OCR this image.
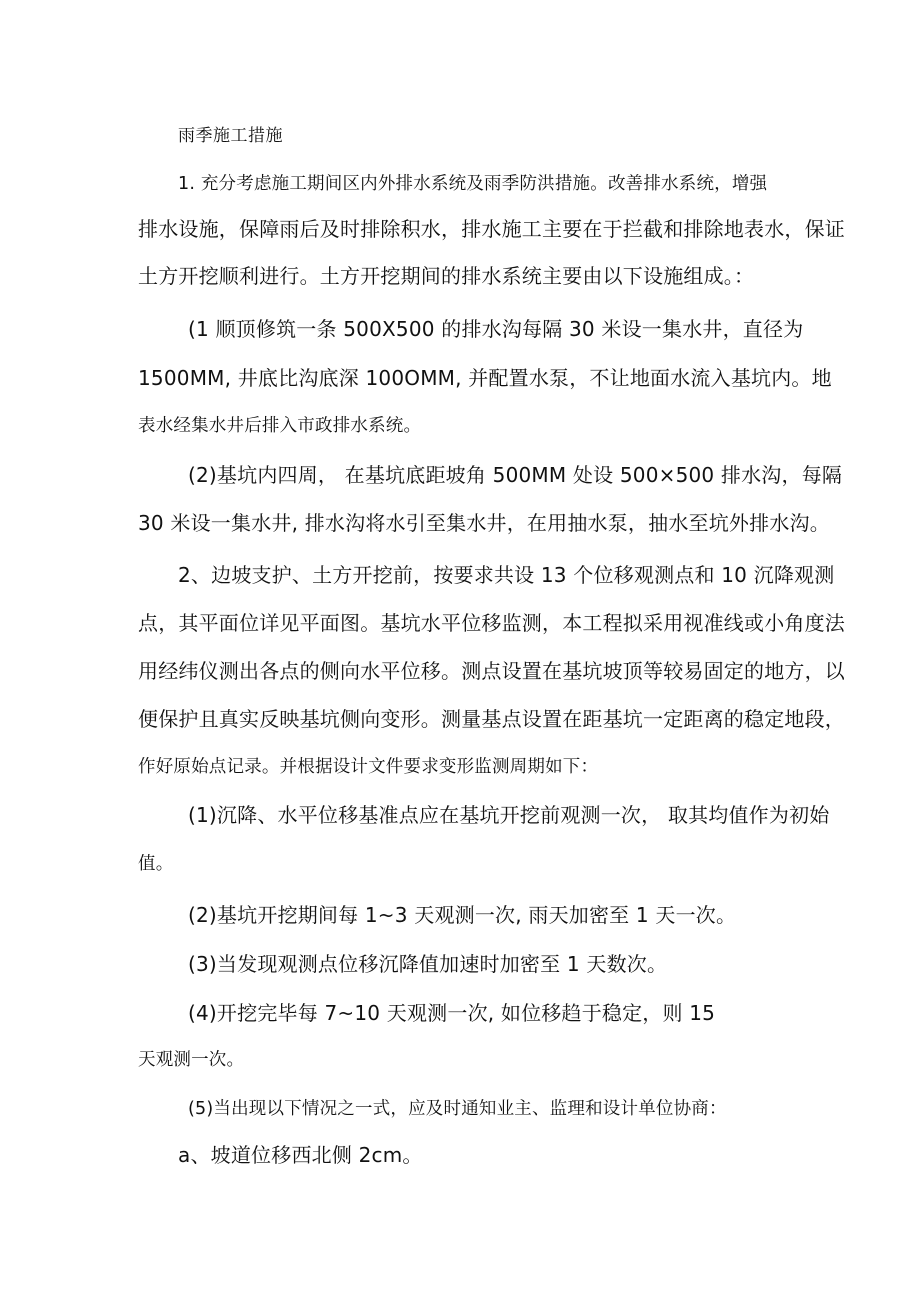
雨季施工措施
1. 充分考虑施工期间区内外排水系统及雨季防洪措施。改善排水系统，增强
排水设施，保障雨后及时排除积水，排水施工主要在于拦截和排除地表水，保证
土方开挖顺利进行。土方开挖期间的排水系统主要由以下设施组成。：
(1 顺顶修筑一条 500X500 的排水沟每隔 30 米设一集水井，直径为
1500MM, 井底比沟底深 100OMM, 并配置水泵，不让地面水流入基坑内。地
表水经集水井后排入市政排水系统。
(2)基坑内四周， 在基坑底距坡角 500MM 处设 500×500 排水沟，每隔
30 米设一集水井, 排水沟将水引至集水井，在用抽水泵，抽水至坑外排水沟。
2、边坡支护、土方开挖前，按要求共设 13 个位移观测点和 10 沉降观测
点，其平面位详见平面图。基坑水平位移监测，本工程拟采用视准线或小角度法
用经纬仪测出各点的侧向水平位移。测点设置在基坑坡顶等较易固定的地方，以
便保护且真实反映基坑侧向变形。测量基点设置在距基坑一定距离的稳定地段，
作好原始点记录。并根据设计文件要求变形监测周期如下：
(1)沉降、水平位移基准点应在基坑开挖前观测一次， 取其均值作为初始
值。
(2)基坑开挖期间每 1~3 天观测一次, 雨天加密至 1 天一次。
(3)当发现观测点位移沉降值加速时加密至 1 天数次。
(4)开挖完毕每 7~10 天观测一次, 如位移趋于稳定，则 15
天观测一次。
(5)当出现以下情况之一式，应及时通知业主、监理和设计单位协商：
a、坡道位移西北侧 2cm。
